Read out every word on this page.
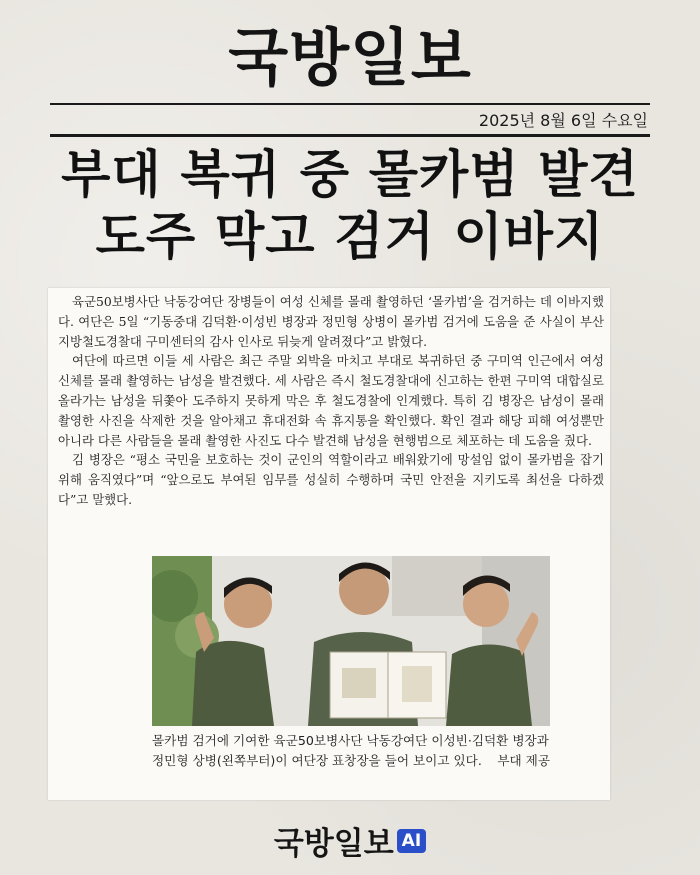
국방일보
2025년 8월 6일 수요일
부대 복귀 중 몰카범 발견
도주 막고 검거 이바지

육군50보병사단 낙동강여단 장병들이 여성 신체를 몰래 촬영하던 ‘몰카범’을 검거하는 데 이바지했다. 여단은 5일 “기동중대 김덕환·이성빈 병장과 정민형 상병이 몰카범 검거에 도움을 준 사실이 부산지방철도경찰대 구미센터의 감사 인사로 뒤늦게 알려졌다”고 밝혔다.

여단에 따르면 이들 세 사람은 최근 주말 외박을 마치고 부대로 복귀하던 중 구미역 인근에서 여성 신체를 몰래 촬영하는 남성을 발견했다. 세 사람은 즉시 철도경찰대에 신고하는 한편 구미역 대합실로 올라가는 남성을 뒤쫓아 도주하지 못하게 막은 후 철도경찰에 인계했다. 특히 김 병장은 남성이 몰래 촬영한 사진을 삭제한 것을 알아채고 휴대전화 속 휴지통을 확인했다. 확인 결과 해당 피해 여성뿐만 아니라 다른 사람들을 몰래 촬영한 사진도 다수 발견해 남성을 현행범으로 체포하는 데 도움을 줬다.

김 병장은 “평소 국민을 보호하는 것이 군인의 역할이라고 배워왔기에 망설임 없이 몰카범을 잡기 위해 움직였다”며 “앞으로도 부여된 임무를 성실히 수행하며 국민 안전을 지키도록 최선을 다하겠다”고 말했다.

몰카범 검거에 기여한 육군50보병사단 낙동강여단 이성빈·김덕환 병장과 정민형 상병(왼쪽부터)이 여단장 표창장을 들어 보이고 있다. 부대 제공
국방일보 AI
